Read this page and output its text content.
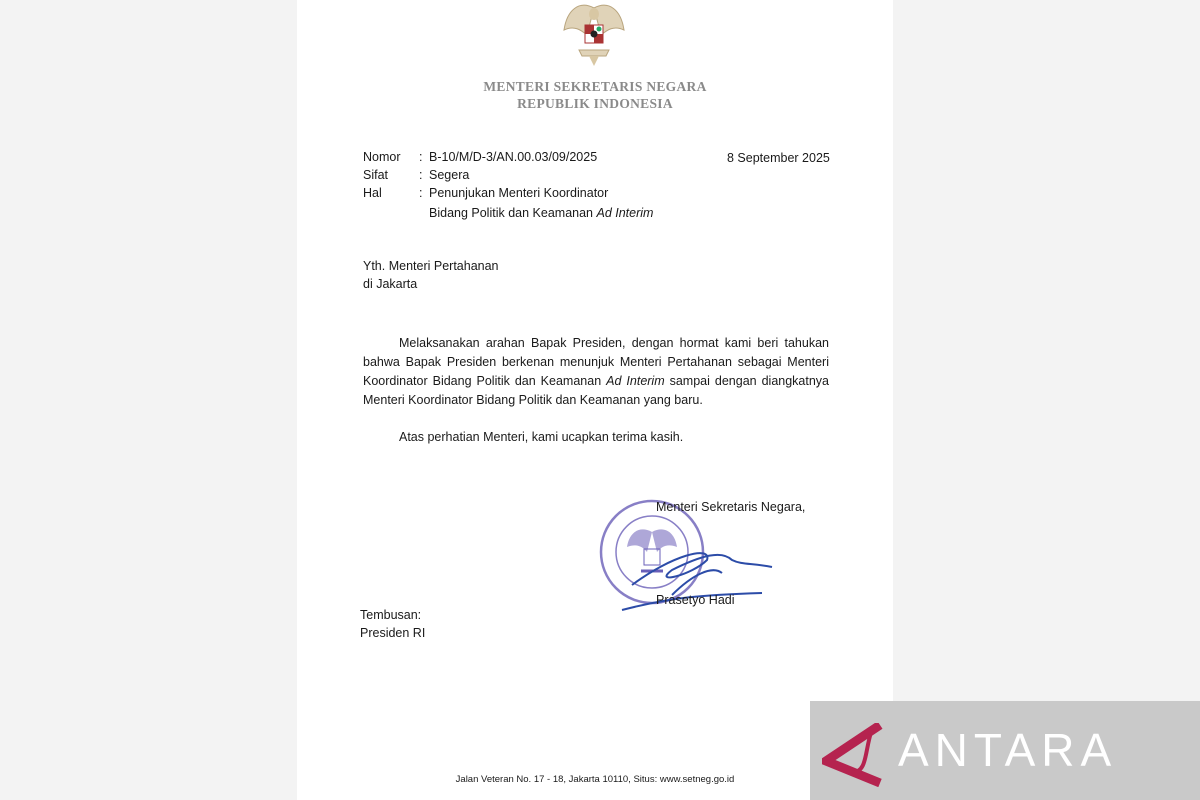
MENTERI SEKRETARIS NEGARA
REPUBLIK INDONESIA
Nomor : B-10/M/D-3/AN.00.03/09/2025	8 September 2025
Sifat : Segera
Hal	: Penunjukan Menteri Koordinator
Bidang Politik dan Keamanan Ad Interim
Yth. Menteri Pertahanan
di Jakarta
Melaksanakan arahan Bapak Presiden, dengan hormat kami beri tahukan bahwa Bapak Presiden berkenan menunjuk Menteri Pertahanan sebagai Menteri Koordinator Bidang Politik dan Keamanan Ad Interim sampai dengan diangkatnya Menteri Koordinator Bidang Politik dan Keamanan yang baru.
Atas perhatian Menteri, kami ucapkan terima kasih.
Menteri Sekretaris Negara,
Prasetyo Hadi
Tembusan:
Presiden RI
Jalan Veteran No. 17 - 18, Jakarta 10110, Situs: www.setneg.go.id
ANTARA
